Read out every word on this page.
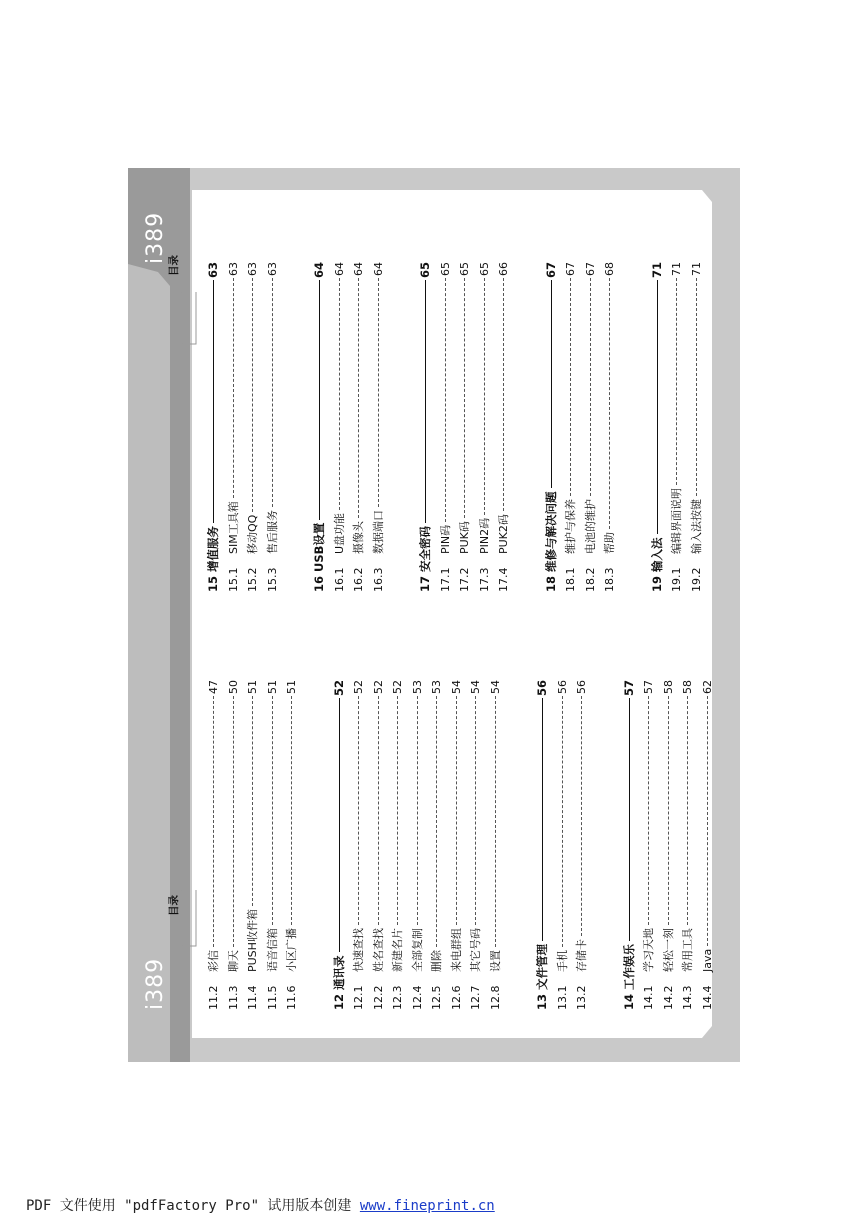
i389
i389
目录
目录
11.2
彩信
47
11.3
聊天
50
11.4
PUSH收件箱
51
11.5
语音信箱
51
11.6
小区广播
51
12
通讯录
52
12.1
快速查找
52
12.2
姓名查找
52
12.3
新建名片
52
12.4
全部复制
53
12.5
删除
53
12.6
来电群组
54
12.7
其它号码
54
12.8
设置
54
13
文件管理
56
13.1
手机
56
13.2
存储卡
56
14
工作娱乐
57
14.1
学习天地
57
14.2
轻松一刻
58
14.3
常用工具
58
14.4
Java
62
15
增值服务
63
15.1
SIM工具箱
63
15.2
移动QQ
63
15.3
售后服务
63
16
USB设置
64
16.1
U盘功能
64
16.2
摄像头
64
16.3
数据端口
64
17
安全密码
65
17.1
PIN码
65
17.2
PUK码
65
17.3
PIN2码
65
17.4
PUK2码
66
18
维修与解决问题
67
18.1
维护与保养
67
18.2
电池的维护
67
18.3
帮助
68
19
输入法
71
19.1
编辑界面说明
71
19.2
输入法按键
71
PDF 文件使用 "pdfFactory Pro" 试用版本创建 www.fineprint.cn
